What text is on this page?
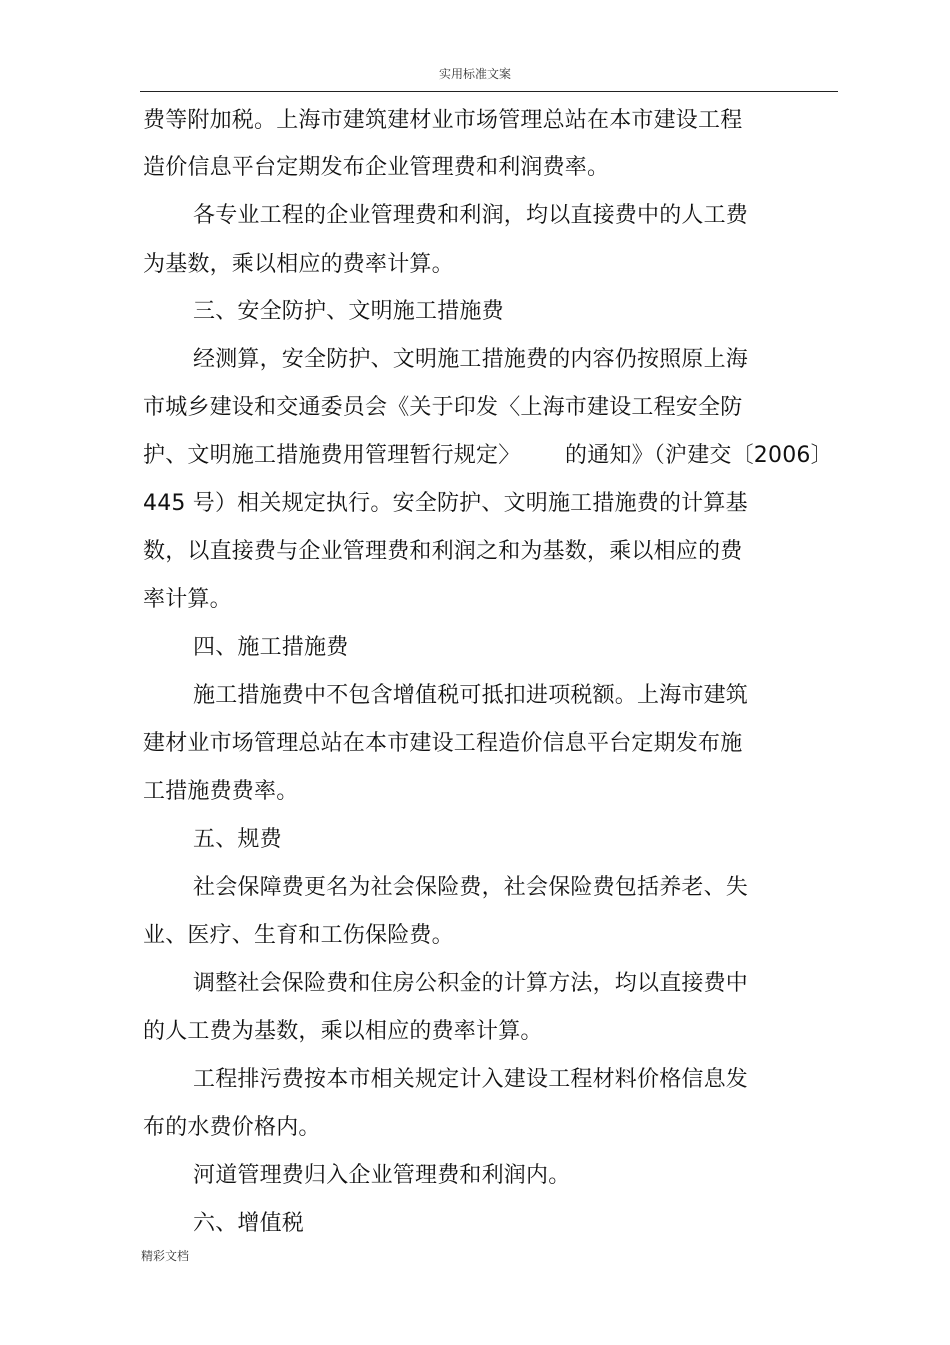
实用标准文案
费等附加税。上海市建筑建材业市场管理总站在本市建设工程
造价信息平台定期发布企业管理费和利润费率。
各专业工程的企业管理费和利润，均以直接费中的人工费
为基数，乘以相应的费率计算。
三、安全防护、文明施工措施费
经测算，安全防护、文明施工措施费的内容仍按照原上海
市城乡建设和交通委员会《关于印发〈上海市建设工程安全防
护、文明施工措施费用管理暂行规定〉 的通知》（沪建交〔2006〕
445 号）相关规定执行。安全防护、文明施工措施费的计算基
数，以直接费与企业管理费和利润之和为基数，乘以相应的费
率计算。
四、施工措施费
施工措施费中不包含增值税可抵扣进项税额。上海市建筑
建材业市场管理总站在本市建设工程造价信息平台定期发布施
工措施费费率。
五、规费
社会保障费更名为社会保险费，社会保险费包括养老、失
业、医疗、生育和工伤保险费。
调整社会保险费和住房公积金的计算方法，均以直接费中
的人工费为基数，乘以相应的费率计算。
工程排污费按本市相关规定计入建设工程材料价格信息发
布的水费价格内。
河道管理费归入企业管理费和利润内。
六、增值税
精彩文档
